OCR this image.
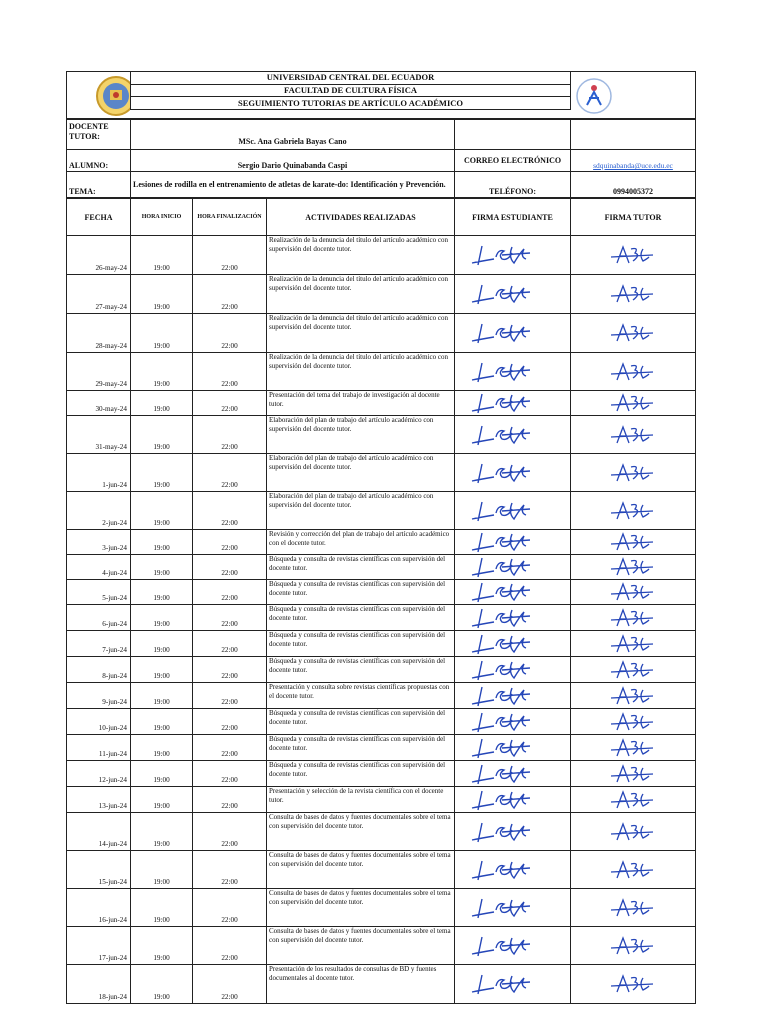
	UNIVERSIDAD CENTRAL DEL ECUADOR	

FACULTAD DE CULTURA FÍSICA
SEGUIMIENTO TUTORIAS DE ARTÍCULO ACADÉMICO

DOCENTE TUTOR:	MSc. Ana Gabriela Bayas Cano		
ALUMNO:	Sergio Dario Quinabanda Caspi	CORREO ELECTRÓNICO	sdquinabanda@uce.edu.ec
TEMA:	Lesiones de rodilla en el entrenamiento de atletas de karate-do: Identificación y Prevención.	TELÉFONO:	0994005372
FECHA	HORA INICIO	HORA FINALIZACIÓN	ACTIVIDADES REALIZADAS	FIRMA ESTUDIANTE	FIRMA TUTOR
26-may-24	19:00	22:00	Realización de la denuncia del título del artículo académico con supervisión del docente tutor.	

27-may-24	19:00	22:00	Realización de la denuncia del título del artículo académico con supervisión del docente tutor.	

28-may-24	19:00	22:00	Realización de la denuncia del título del artículo académico con supervisión del docente tutor.	

29-may-24	19:00	22:00	Realización de la denuncia del título del artículo académico con supervisión del docente tutor.	

30-may-24	19:00	22:00	Presentación del tema del trabajo de investigación al docente tutor.	

31-may-24	19:00	22:00	Elaboración del plan de trabajo del artículo académico con supervisión del docente tutor.	

1-jun-24	19:00	22:00	Elaboración del plan de trabajo del artículo académico con supervisión del docente tutor.	

2-jun-24	19:00	22:00	Elaboración del plan de trabajo del artículo académico con supervisión del docente tutor.	

3-jun-24	19:00	22:00	Revisión y corrección del plan de trabajo del artículo académico con el docente tutor.	

4-jun-24	19:00	22:00	Búsqueda y consulta de revistas científicas con supervisión del docente tutor.	

5-jun-24	19:00	22:00	Búsqueda y consulta de revistas científicas con supervisión del docente tutor.	

6-jun-24	19:00	22:00	Búsqueda y consulta de revistas científicas con supervisión del docente tutor.	

7-jun-24	19:00	22:00	Búsqueda y consulta de revistas científicas con supervisión del docente tutor.	

8-jun-24	19:00	22:00	Búsqueda y consulta de revistas científicas con supervisión del docente tutor.	

9-jun-24	19:00	22:00	Presentación y consulta sobre revistas científicas propuestas con el docente tutor.	

10-jun-24	19:00	22:00	Búsqueda y consulta de revistas científicas con supervisión del docente tutor.	

11-jun-24	19:00	22:00	Búsqueda y consulta de revistas científicas con supervisión del docente tutor.	

12-jun-24	19:00	22:00	Búsqueda y consulta de revistas científicas con supervisión del docente tutor.	

13-jun-24	19:00	22:00	Presentación y selección de la revista científica con el docente tutor.	

14-jun-24	19:00	22:00	Consulta de bases de datos y fuentes documentales sobre el tema con supervisión del docente tutor.	

15-jun-24	19:00	22:00	Consulta de bases de datos y fuentes documentales sobre el tema con supervisión del docente tutor.	

16-jun-24	19:00	22:00	Consulta de bases de datos y fuentes documentales sobre el tema con supervisión del docente tutor.	

17-jun-24	19:00	22:00	Consulta de bases de datos y fuentes documentales sobre el tema con supervisión del docente tutor.	

18-jun-24	19:00	22:00	Presentación de los resultados de consultas de BD y fuentes documentales al docente tutor.	
